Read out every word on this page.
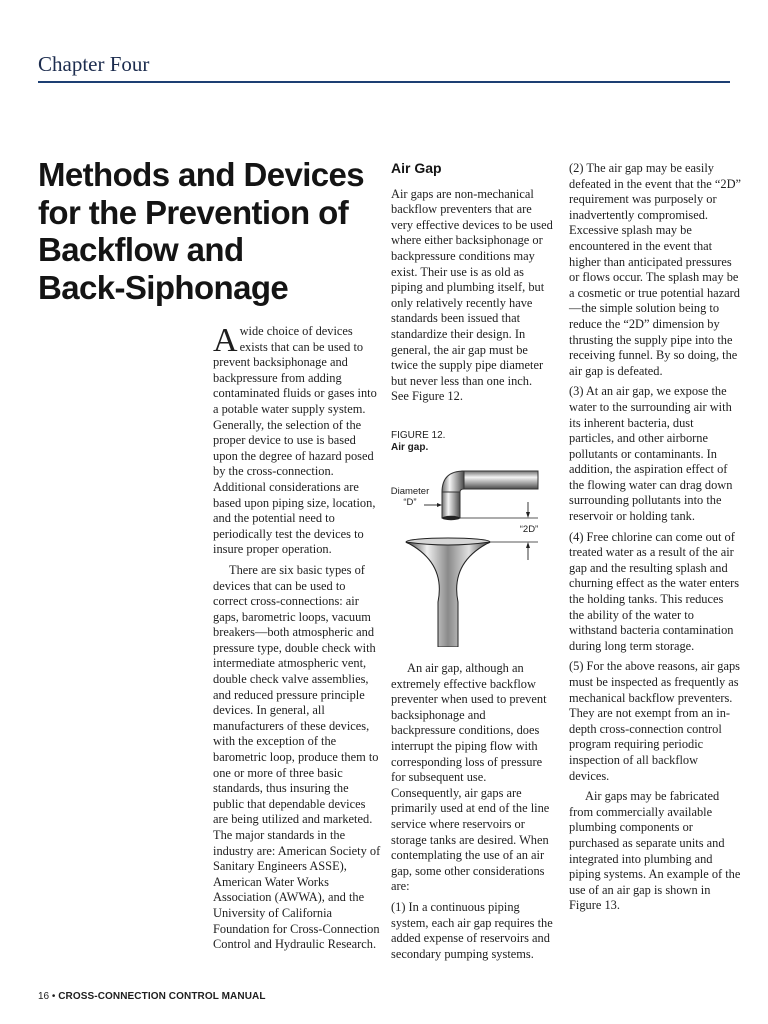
Chapter Four
Methods and Devices
for the Prevention of
Backflow and
Back-Siphonage

Awide choice of devices exists that can be used to prevent backsiphonage and backpressure from adding contaminated fluids or gases into a potable water supply system. Generally, the selection of the proper device to use is based upon the degree of hazard posed by the cross-connection. Additional considerations are based upon piping size, location, and the potential need to periodically test the devices to insure proper operation.

There are six basic types of devices that can be used to correct cross-connections: air gaps, barometric loops, vacuum breakers—both atmospheric and pressure type, double check with intermediate atmospheric vent, double check valve assemblies, and reduced pressure principle devices. In general, all manufacturers of these devices, with the exception of the barometric loop, produce them to one or more of three basic standards, thus insuring the public that dependable devices are being utilized and marketed. The major standards in the industry are: American Society of Sanitary Engineers ASSE), American Water Works Association (AWWA), and the University of California Foundation for Cross-Connection Control and Hydraulic Research.

Air Gap

Air gaps are non-mechanical backflow preventers that are very effective devices to be used where either backsiphonage or backpressure conditions may exist. Their use is as old as piping and plumbing itself, but only relatively recently have standards been issued that standardize their design. In general, the air gap must be twice the supply pipe diameter but never less than one inch. See Figure 12.

FIGURE 12.
Air gap.
Diameter
“D”
“2D”

An air gap, although an extremely effective backflow preventer when used to prevent backsiphonage and backpressure conditions, does interrupt the piping flow with corresponding loss of pressure for subsequent use. Consequently, air gaps are primarily used at end of the line service where reservoirs or storage tanks are desired. When contemplating the use of an air gap, some other considerations are:

(1) In a continuous piping system, each air gap requires the added expense of reservoirs and secondary pumping systems.

(2) The air gap may be easily defeated in the event that the “2D” requirement was purposely or inadvertently compromised. Excessive splash may be encountered in the event that higher than anticipated pressures or flows occur. The splash may be a cosmetic or true potential hazard—the simple solution being to reduce the “2D” dimension by thrusting the supply pipe into the receiving funnel. By so doing, the air gap is defeated.

(3) At an air gap, we expose the water to the surrounding air with its inherent bacteria, dust particles, and other airborne pollutants or contaminants. In addition, the aspiration effect of the flowing water can drag down surrounding pollutants into the reservoir or holding tank.

(4) Free chlorine can come out of treated water as a result of the air gap and the resulting splash and churning effect as the water enters the holding tanks. This reduces the ability of the water to withstand bacteria contamination during long term storage.

(5) For the above reasons, air gaps must be inspected as frequently as mechanical backflow preventers. They are not exempt from an in-depth cross-connection control program requiring periodic inspection of all backflow devices.

Air gaps may be fabricated from commercially available plumbing components or purchased as separate units and integrated into plumbing and piping systems. An example of the use of an air gap is shown in Figure 13.

16 • CROSS-CONNECTION CONTROL MANUAL
